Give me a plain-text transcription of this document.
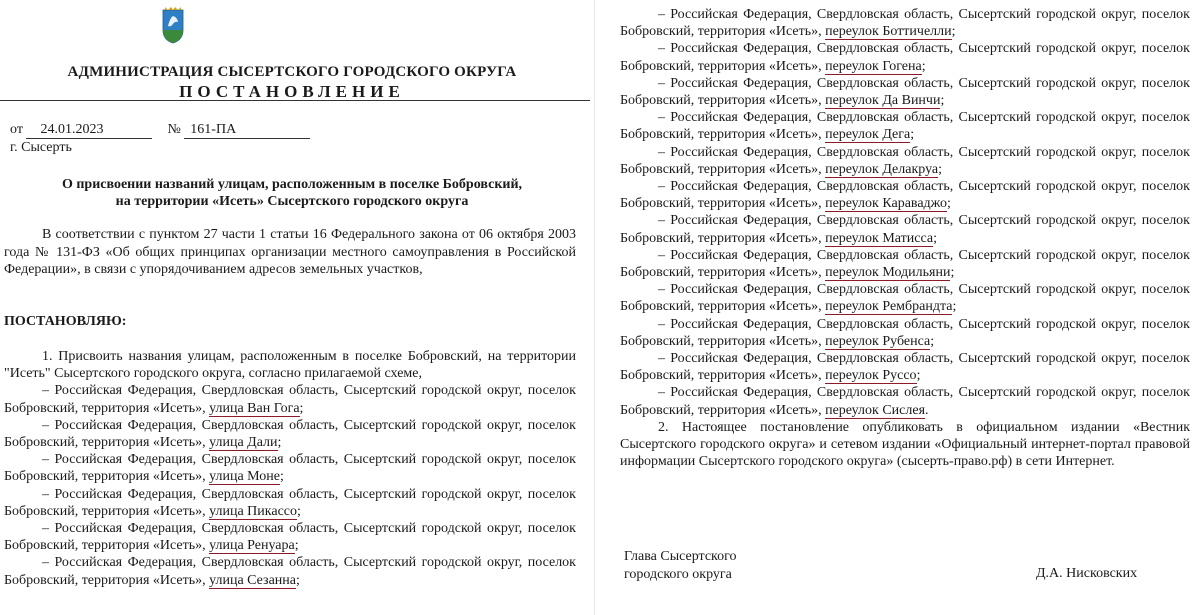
АДМИНИСТРАЦИЯ СЫСЕРТСКОГО ГОРОДСКОГО ОКРУГА
ПОСТАНОВЛЕНИЕ
от 24.01.2023	№ 161-ПА
г. Сысерть
О присвоении названий улицам, расположенным в поселке Бобровский,
на территории «Исеть» Сысертского городского округа

В соответствии с пунктом 27 части 1 статьи 16 Федерального закона от 06 октября 2003 года № 131-ФЗ «Об общих принципах организации местного самоуправления в Российской Федерации», в связи с упорядочиванием адресов земельных участков,

ПОСТАНОВЛЯЮ:

1. Присвоить названия улицам, расположенным в поселке Бобровский, на территории "Исеть" Сысертского городского округа, согласно прилагаемой схеме,

– Российская Федерация, Свердловская область, Сысертский городской округ, поселок Бобровский, территория «Исеть», улица Ван Гога;

– Российская Федерация, Свердловская область, Сысертский городской округ, поселок Бобровский, территория «Исеть», улица Дали;

– Российская Федерация, Свердловская область, Сысертский городской округ, поселок Бобровский, территория «Исеть», улица Моне;

– Российская Федерация, Свердловская область, Сысертский городской округ, поселок Бобровский, территория «Исеть», улица Пикассо;

– Российская Федерация, Свердловская область, Сысертский городской округ, поселок Бобровский, территория «Исеть», улица Ренуара;

– Российская Федерация, Свердловская область, Сысертский городской округ, поселок Бобровский, территория «Исеть», улица Сезанна;

– Российская Федерация, Свердловская область, Сысертский городской округ, поселок Бобровский, территория «Исеть», переулок Боттичелли;

– Российская Федерация, Свердловская область, Сысертский городской округ, поселок Бобровский, территория «Исеть», переулок Гогена;

– Российская Федерация, Свердловская область, Сысертский городской округ, поселок Бобровский, территория «Исеть», переулок Да Винчи;

– Российская Федерация, Свердловская область, Сысертский городской округ, поселок Бобровский, территория «Исеть», переулок Дега;

– Российская Федерация, Свердловская область, Сысертский городской округ, поселок Бобровский, территория «Исеть», переулок Делакруа;

– Российская Федерация, Свердловская область, Сысертский городской округ, поселок Бобровский, территория «Исеть», переулок Караваджо;

– Российская Федерация, Свердловская область, Сысертский городской округ, поселок Бобровский, территория «Исеть», переулок Матисса;

– Российская Федерация, Свердловская область, Сысертский городской округ, поселок Бобровский, территория «Исеть», переулок Модильяни;

– Российская Федерация, Свердловская область, Сысертский городской округ, поселок Бобровский, территория «Исеть», переулок Рембрандта;

– Российская Федерация, Свердловская область, Сысертский городской округ, поселок Бобровский, территория «Исеть», переулок Рубенса;

– Российская Федерация, Свердловская область, Сысертский городской округ, поселок Бобровский, территория «Исеть», переулок Руссо;

– Российская Федерация, Свердловская область, Сысертский городской округ, поселок Бобровский, территория «Исеть», переулок Сислея.

2. Настоящее постановление опубликовать в официальном издании «Вестник Сысертского городского округа» и сетевом издании «Официальный интернет-портал правовой информации Сысертского городского округа» (сысерть-право.рф) в сети Интернет.

Глава Сысертского
городского округа	Д.А. Нисковских
